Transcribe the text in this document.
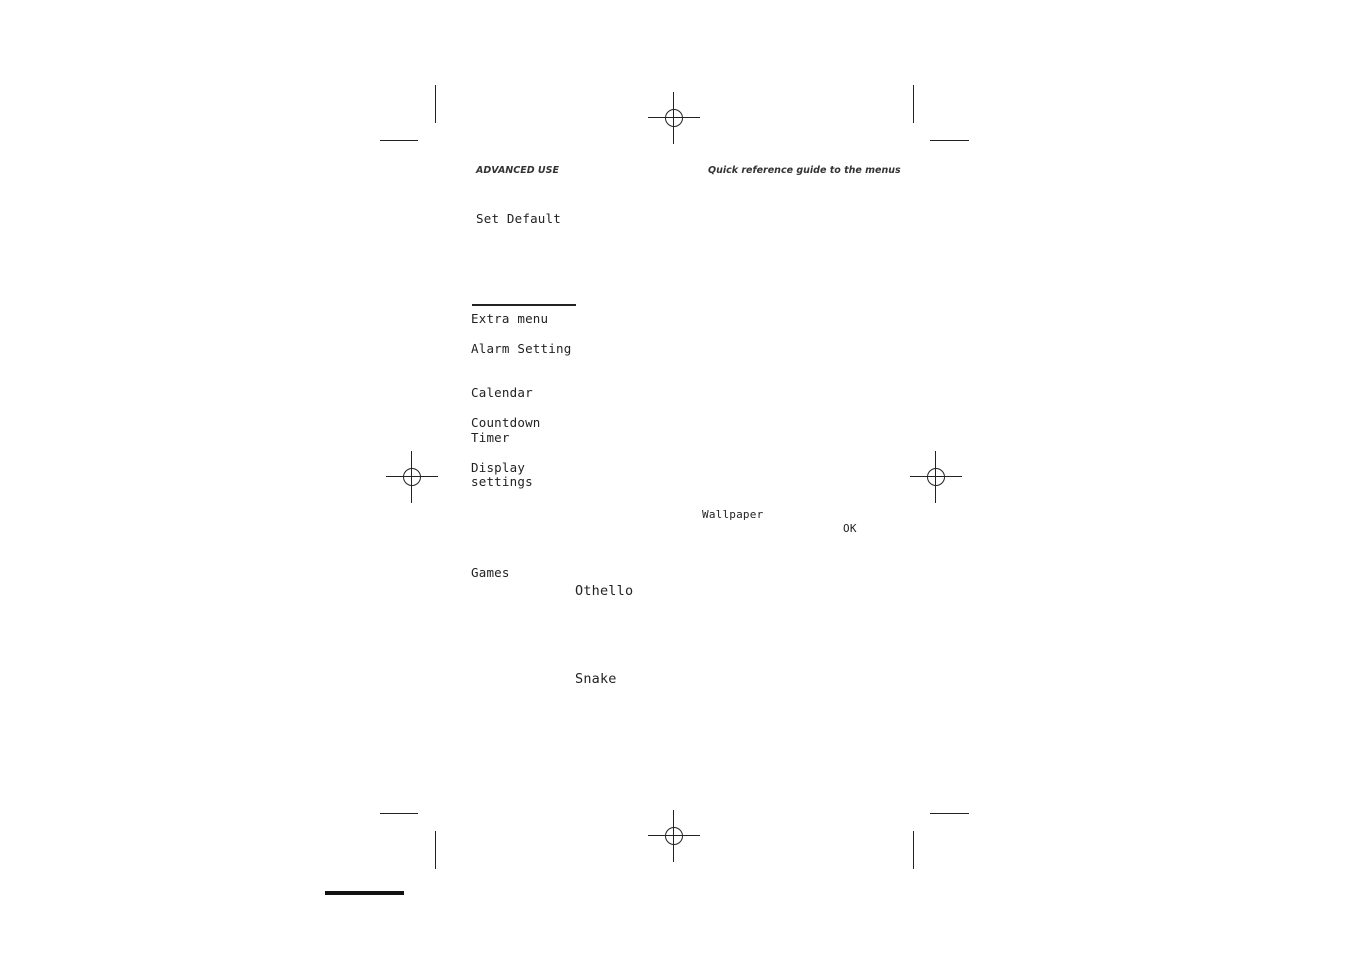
ADVANCED USE	Quick reference guide to the menus
Set Default
Extra menu
Alarm Setting
Calendar
Countdown
Timer
Display
settings
Wallpaper
OK
Games
Othello
Snake
